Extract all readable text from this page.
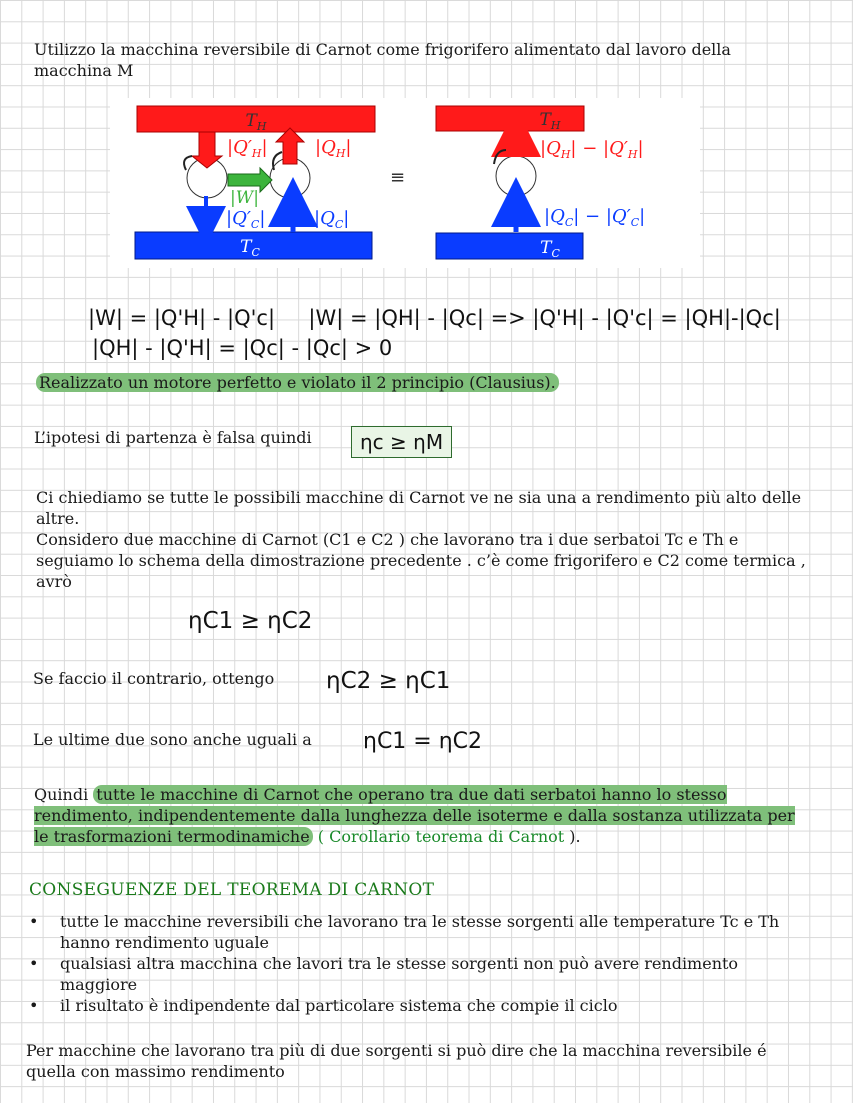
Utilizzo la macchina reversibile di Carnot come frigorifero alimentato dal lavoro della macchina M
$T_H$
$T_C$
$|Q'_H|$	$|Q_H|$
|W|
$|Q'_C|$	$|Q_C|$
≡
$T_H$
$T_C$
$|Q_H| - |Q'_H|$
$|Q_C| - |Q'_C|$
|W| = |Q'H| - |Q'c|     |W| = |QH| - |Qc| => |Q'H| - |Q'c| = |QH|-|Qc|
|QH| - |Q'H| = |Qc| - |Qc| > 0
Realizzato un motore perfetto e violato il 2 principio (Clausius).
L’ipotesi di partenza è falsa quindi	ηc ≥ ηM
Ci chiediamo se tutte le possibili macchine di Carnot ve ne sia una a rendimento più alto delle altre.
Considero due macchine di Carnot (C1 e C2 ) che lavorano tra i due serbatoi Tc e Th e seguiamo lo schema della dimostrazione precedente . c’è come frigorifero e C2 come termica , avrò
ηC1 ≥ ηC2
Se faccio il contrario, ottengo ηC2 ≥ ηC1
Le ultime due sono anche uguali a ηC1 = ηC2
Quindi tutte le macchine di Carnot che operano tra due dati serbatoi hanno lo stesso rendimento, indipendentemente dalla lunghezza delle isoterme e dalla sostanza utilizzata per le trasformazioni termodinamiche ( Corollario teorema di Carnot ).
CONSEGUENZE DEL TEOREMA DI CARNOT
• tutte le macchine reversibili che lavorano tra le stesse sorgenti alle temperature Tc e Th hanno rendimento uguale
• qualsiasi altra macchina che lavori tra le stesse sorgenti non può avere rendimento maggiore
• il risultato è indipendente dal particolare sistema che compie il ciclo
Per macchine che lavorano tra più di due sorgenti si può dire che la macchina reversibile é quella con massimo rendimento
